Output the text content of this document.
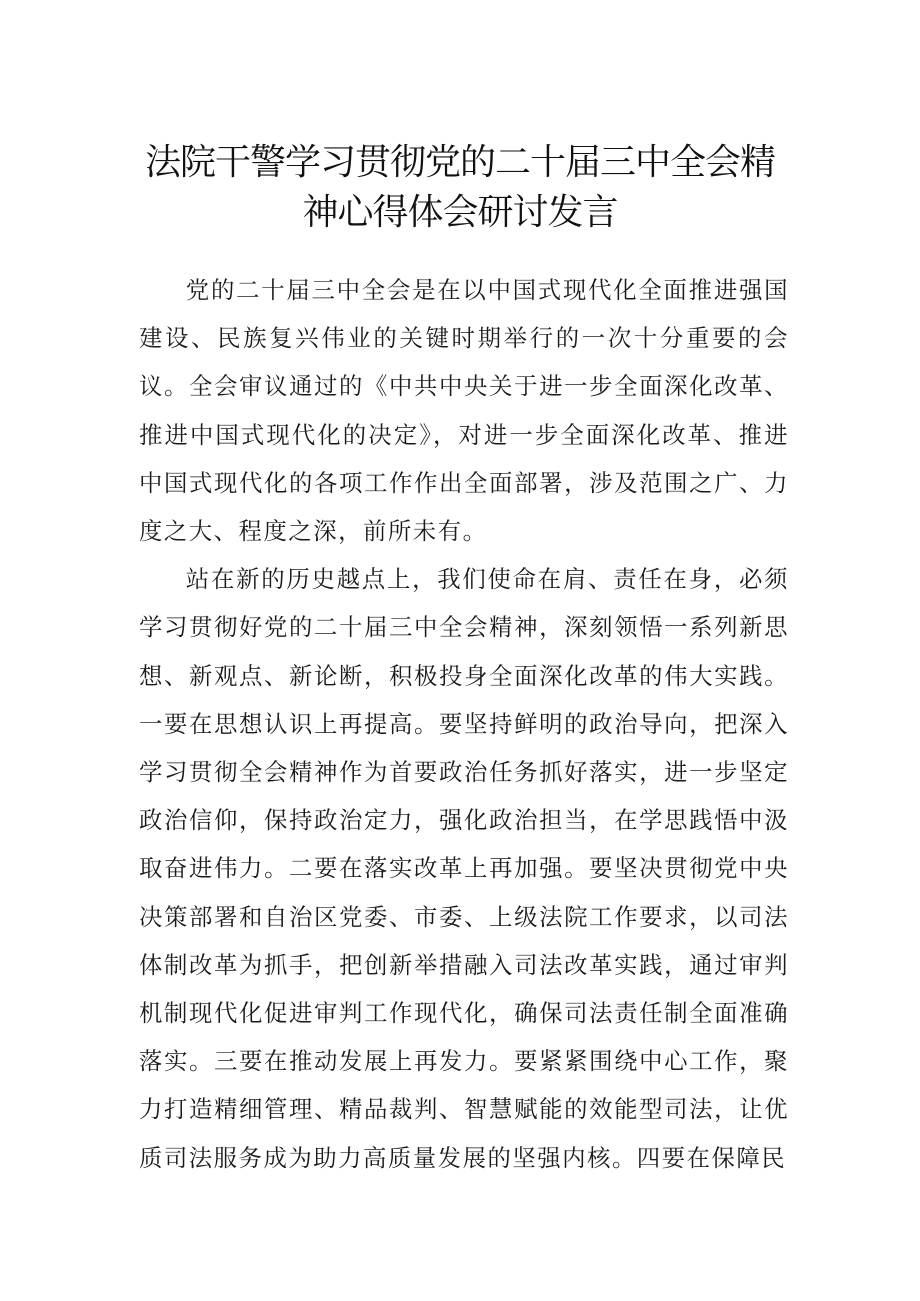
法院干警学习贯彻党的二十届三中全会精
神心得体会研讨发言

党的二十届三中全会是在以中国式现代化全面推进强国建设、民族复兴伟业的关键时期举行的一次十分重要的会议。全会审议通过的《中共中央关于进一步全面深化改革、推进中国式现代化的决定》，对进一步全面深化改革、推进中国式现代化的各项工作作出全面部署，涉及范围之广、力度之大、程度之深，前所未有。

站在新的历史越点上，我们使命在肩、责任在身，必须学习贯彻好党的二十届三中全会精神，深刻领悟一系列新思想、新观点、新论断，积极投身全面深化改革的伟大实践。一要在思想认识上再提高。要坚持鲜明的政治导向，把深入学习贯彻全会精神作为首要政治任务抓好落实，进一步坚定政治信仰，保持政治定力，强化政治担当，在学思践悟中汲取奋进伟力。二要在落实改革上再加强。要坚决贯彻党中央决策部署和自治区党委、市委、上级法院工作要求，以司法体制改革为抓手，把创新举措融入司法改革实践，通过审判机制现代化促进审判工作现代化，确保司法责任制全面准确落实。三要在推动发展上再发力。要紧紧围绕中心工作，聚力打造精细管理、精品裁判、智慧赋能的效能型司法，让优质司法服务成为助力高质量发展的坚强内核。四要在保障民
